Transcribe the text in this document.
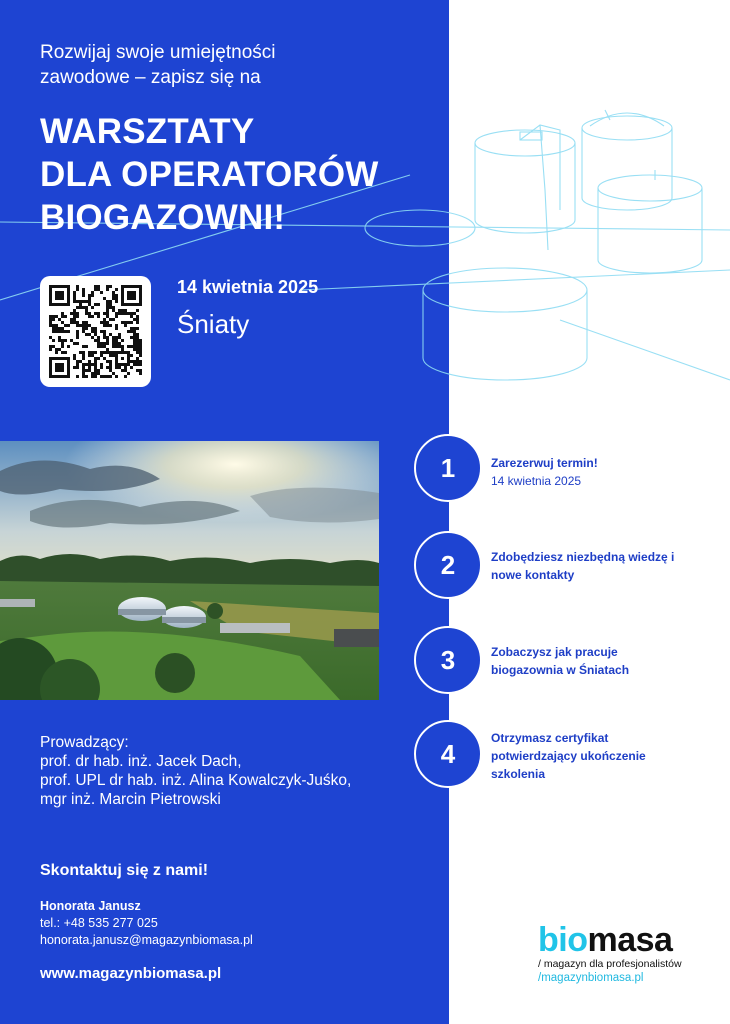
Rozwijaj swoje umiejętności
zawodowe – zapisz się na
WARSZTATY
DLA OPERATORÓW
BIOGAZOWNI!
14 kwietnia 2025
Śniaty
Prowadzący:
prof. dr hab. inż. Jacek Dach,
prof. UPL dr hab. inż. Alina Kowalczyk-Juśko,
mgr inż. Marcin Pietrowski
Skontaktuj się z nami!
Honorata Janusz
tel.: +48 535 277 025
honorata.janusz@magazynbiomasa.pl
www.magazynbiomasa.pl
1	Zarezerwuj termin!
14 kwietnia 2025
2	Zdobędziesz niezbędną wiedzę i nowe kontakty
3	Zobaczysz jak pracuje biogazownia w Śniatach
4
Otrzymasz certyfikat potwierdzający ukończenie szkolenia
biomasa
/ magazyn dla profesjonalistów
/magazynbiomasa.pl
